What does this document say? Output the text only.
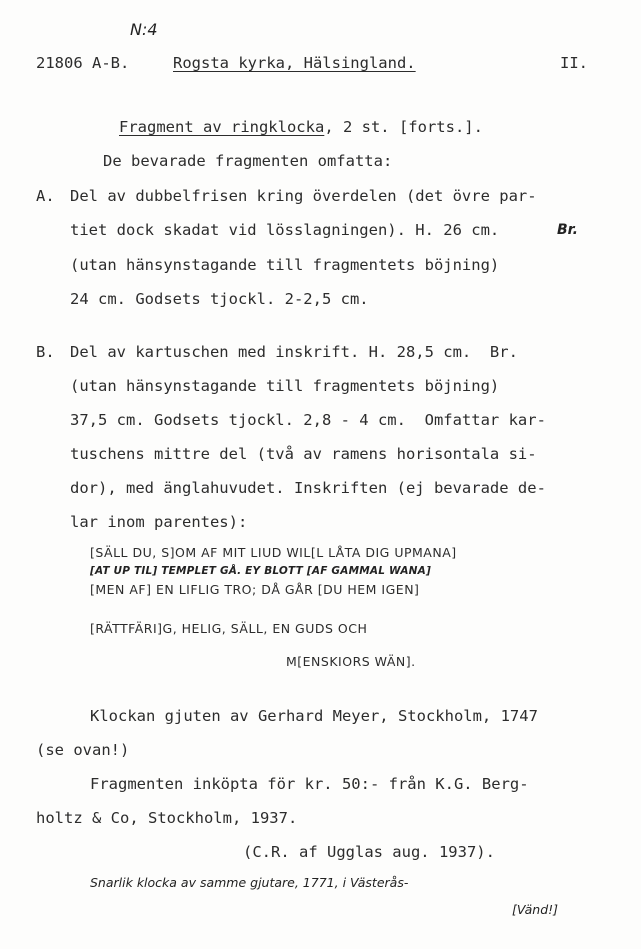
N:4
21806 A-B.	Rogsta kyrka, Hälsingland.	II.
Fragment av ringklocka, 2 st. [forts.].
De bevarade fragmenten omfatta:
A. Del av dubbelfrisen kring överdelen (det övre par-
tiet dock skadat vid lösslagningen). H. 26 cm.	Br.
(utan hänsynstagande till fragmentets böjning)
24 cm. Godsets tjockl. 2-2,5 cm.
B. Del av kartuschen med inskrift. H. 28,5 cm.  Br.
(utan hänsynstagande till fragmentets böjning)
37,5 cm. Godsets tjockl. 2,8 - 4 cm.  Omfattar kar-
tuschens mittre del (två av ramens horisontala si-
dor), med änglahuvudet. Inskriften (ej bevarade de-
lar inom parentes):
[SÄLL DU, S]OM AF MIT LIUD WIL[L LÅTA DIG UPMANA]
[AT UP TIL] TEMPLET GÅ. EY BLOTT [AF GAMMAL WANA]
[MEN AF] EN LIFLIG TRO; DÅ GÅR [DU HEM IGEN]
[RÄTTFÄRI]G, HELIG, SÄLL, EN GUDS OCH
M[ENSKIORS WÄN].
Klockan gjuten av Gerhard Meyer, Stockholm, 1747
(se ovan!)
Fragmenten inköpta för kr. 50:- från K.G. Berg-
holtz & Co, Stockholm, 1937.
(C.R. af Ugglas aug. 1937).
Snarlik klocka av samme gjutare, 1771, i Västerås-
[Vänd!]
